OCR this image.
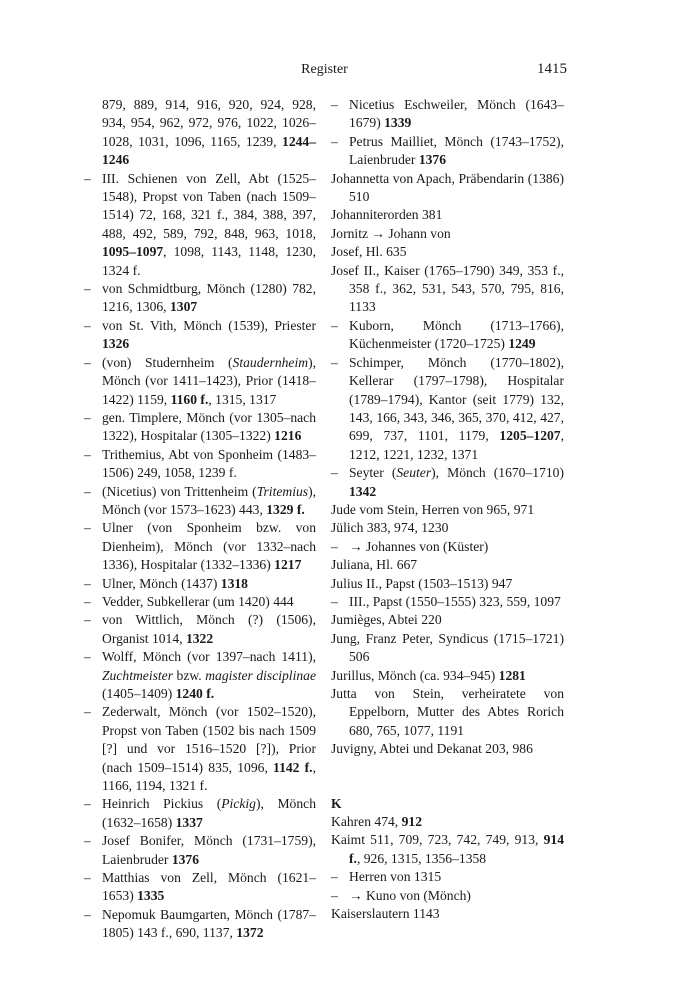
Register	1415
879, 889, 914, 916, 920, 924, 928, 934, 954, 962, 972, 976, 1022, 1026–1028, 1031, 1096, 1165, 1239, 1244–1246
– III. Schienen von Zell, Abt (1525–1548), Propst von Taben (nach 1509–1514) 72, 168, 321 f., 384, 388, 397, 488, 492, 589, 792, 848, 963, 1018, 1095–1097, 1098, 1143, 1148, 1230, 1324 f.
– von Schmidtburg, Mönch (1280) 782, 1216, 1306, 1307
– von St. Vith, Mönch (1539), Priester 1326
– (von) Studernheim (Staudernheim), Mönch (vor 1411–1423), Prior (1418–1422) 1159, 1160 f., 1315, 1317
– gen. Timplere, Mönch (vor 1305–nach 1322), Hospitalar (1305–1322) 1216
– Trithemius, Abt von Sponheim (1483–1506) 249, 1058, 1239 f.
– (Nicetius) von Trittenheim (Tritemius), Mönch (vor 1573–1623) 443, 1329 f.
– Ulner (von Sponheim bzw. von Dienheim), Mönch (vor 1332–nach 1336), Hospitalar (1332–1336) 1217
– Ulner, Mönch (1437) 1318
– Vedder, Subkellerar (um 1420) 444
– von Wittlich, Mönch (?) (1506), Organist 1014, 1322
– Wolff, Mönch (vor 1397–nach 1411), Zuchtmeister bzw. magister disciplinae (1405–1409) 1240 f.
– Zederwalt, Mönch (vor 1502–1520), Propst von Taben (1502 bis nach 1509 [?] und vor 1516–1520 [?]), Prior (nach 1509–1514) 835, 1096, 1142 f., 1166, 1194, 1321 f.
– Heinrich Pickius (Pickig), Mönch (1632–1658) 1337
– Josef Bonifer, Mönch (1731–1759), Laienbruder 1376
– Matthias von Zell, Mönch (1621–1653) 1335
– Nepomuk Baumgarten, Mönch (1787–1805) 143 f., 690, 1137, 1372
– Nicetius Eschweiler, Mönch (1643–1679) 1339
– Petrus Mailliet, Mönch (1743–1752), Laienbruder 1376
Johannetta von Apach, Präbendarin (1386) 510
Johanniterorden 381
Jornitz → Johann von
Josef, Hl. 635
Josef II., Kaiser (1765–1790) 349, 353 f., 358 f., 362, 531, 543, 570, 795, 816, 1133
– Kuborn, Mönch (1713–1766), Küchenmeister (1720–1725) 1249
– Schimper, Mönch (1770–1802), Kellerar (1797–1798), Hospitalar (1789–1794), Kantor (seit 1779) 132, 143, 166, 343, 346, 365, 370, 412, 427, 699, 737, 1101, 1179, 1205–1207, 1212, 1221, 1232, 1371
– Seyter (Seuter), Mönch (1670–1710) 1342
Jude vom Stein, Herren von 965, 971
Jülich 383, 974, 1230
– → Johannes von (Küster)
Juliana, Hl. 667
Julius II., Papst (1503–1513) 947
– III., Papst (1550–1555) 323, 559, 1097
Jumièges, Abtei 220
Jung, Franz Peter, Syndicus (1715–1721) 506
Jurillus, Mönch (ca. 934–945) 1281
Jutta von Stein, verheiratete von Eppelborn, Mutter des Abtes Rorich 680, 765, 1077, 1191
Juvigny, Abtei und Dekanat 203, 986
K
Kahren 474, 912
Kaimt 511, 709, 723, 742, 749, 913, 914 f., 926, 1315, 1356–1358
– Herren von 1315
– → Kuno von (Mönch)
Kaiserslautern 1143
